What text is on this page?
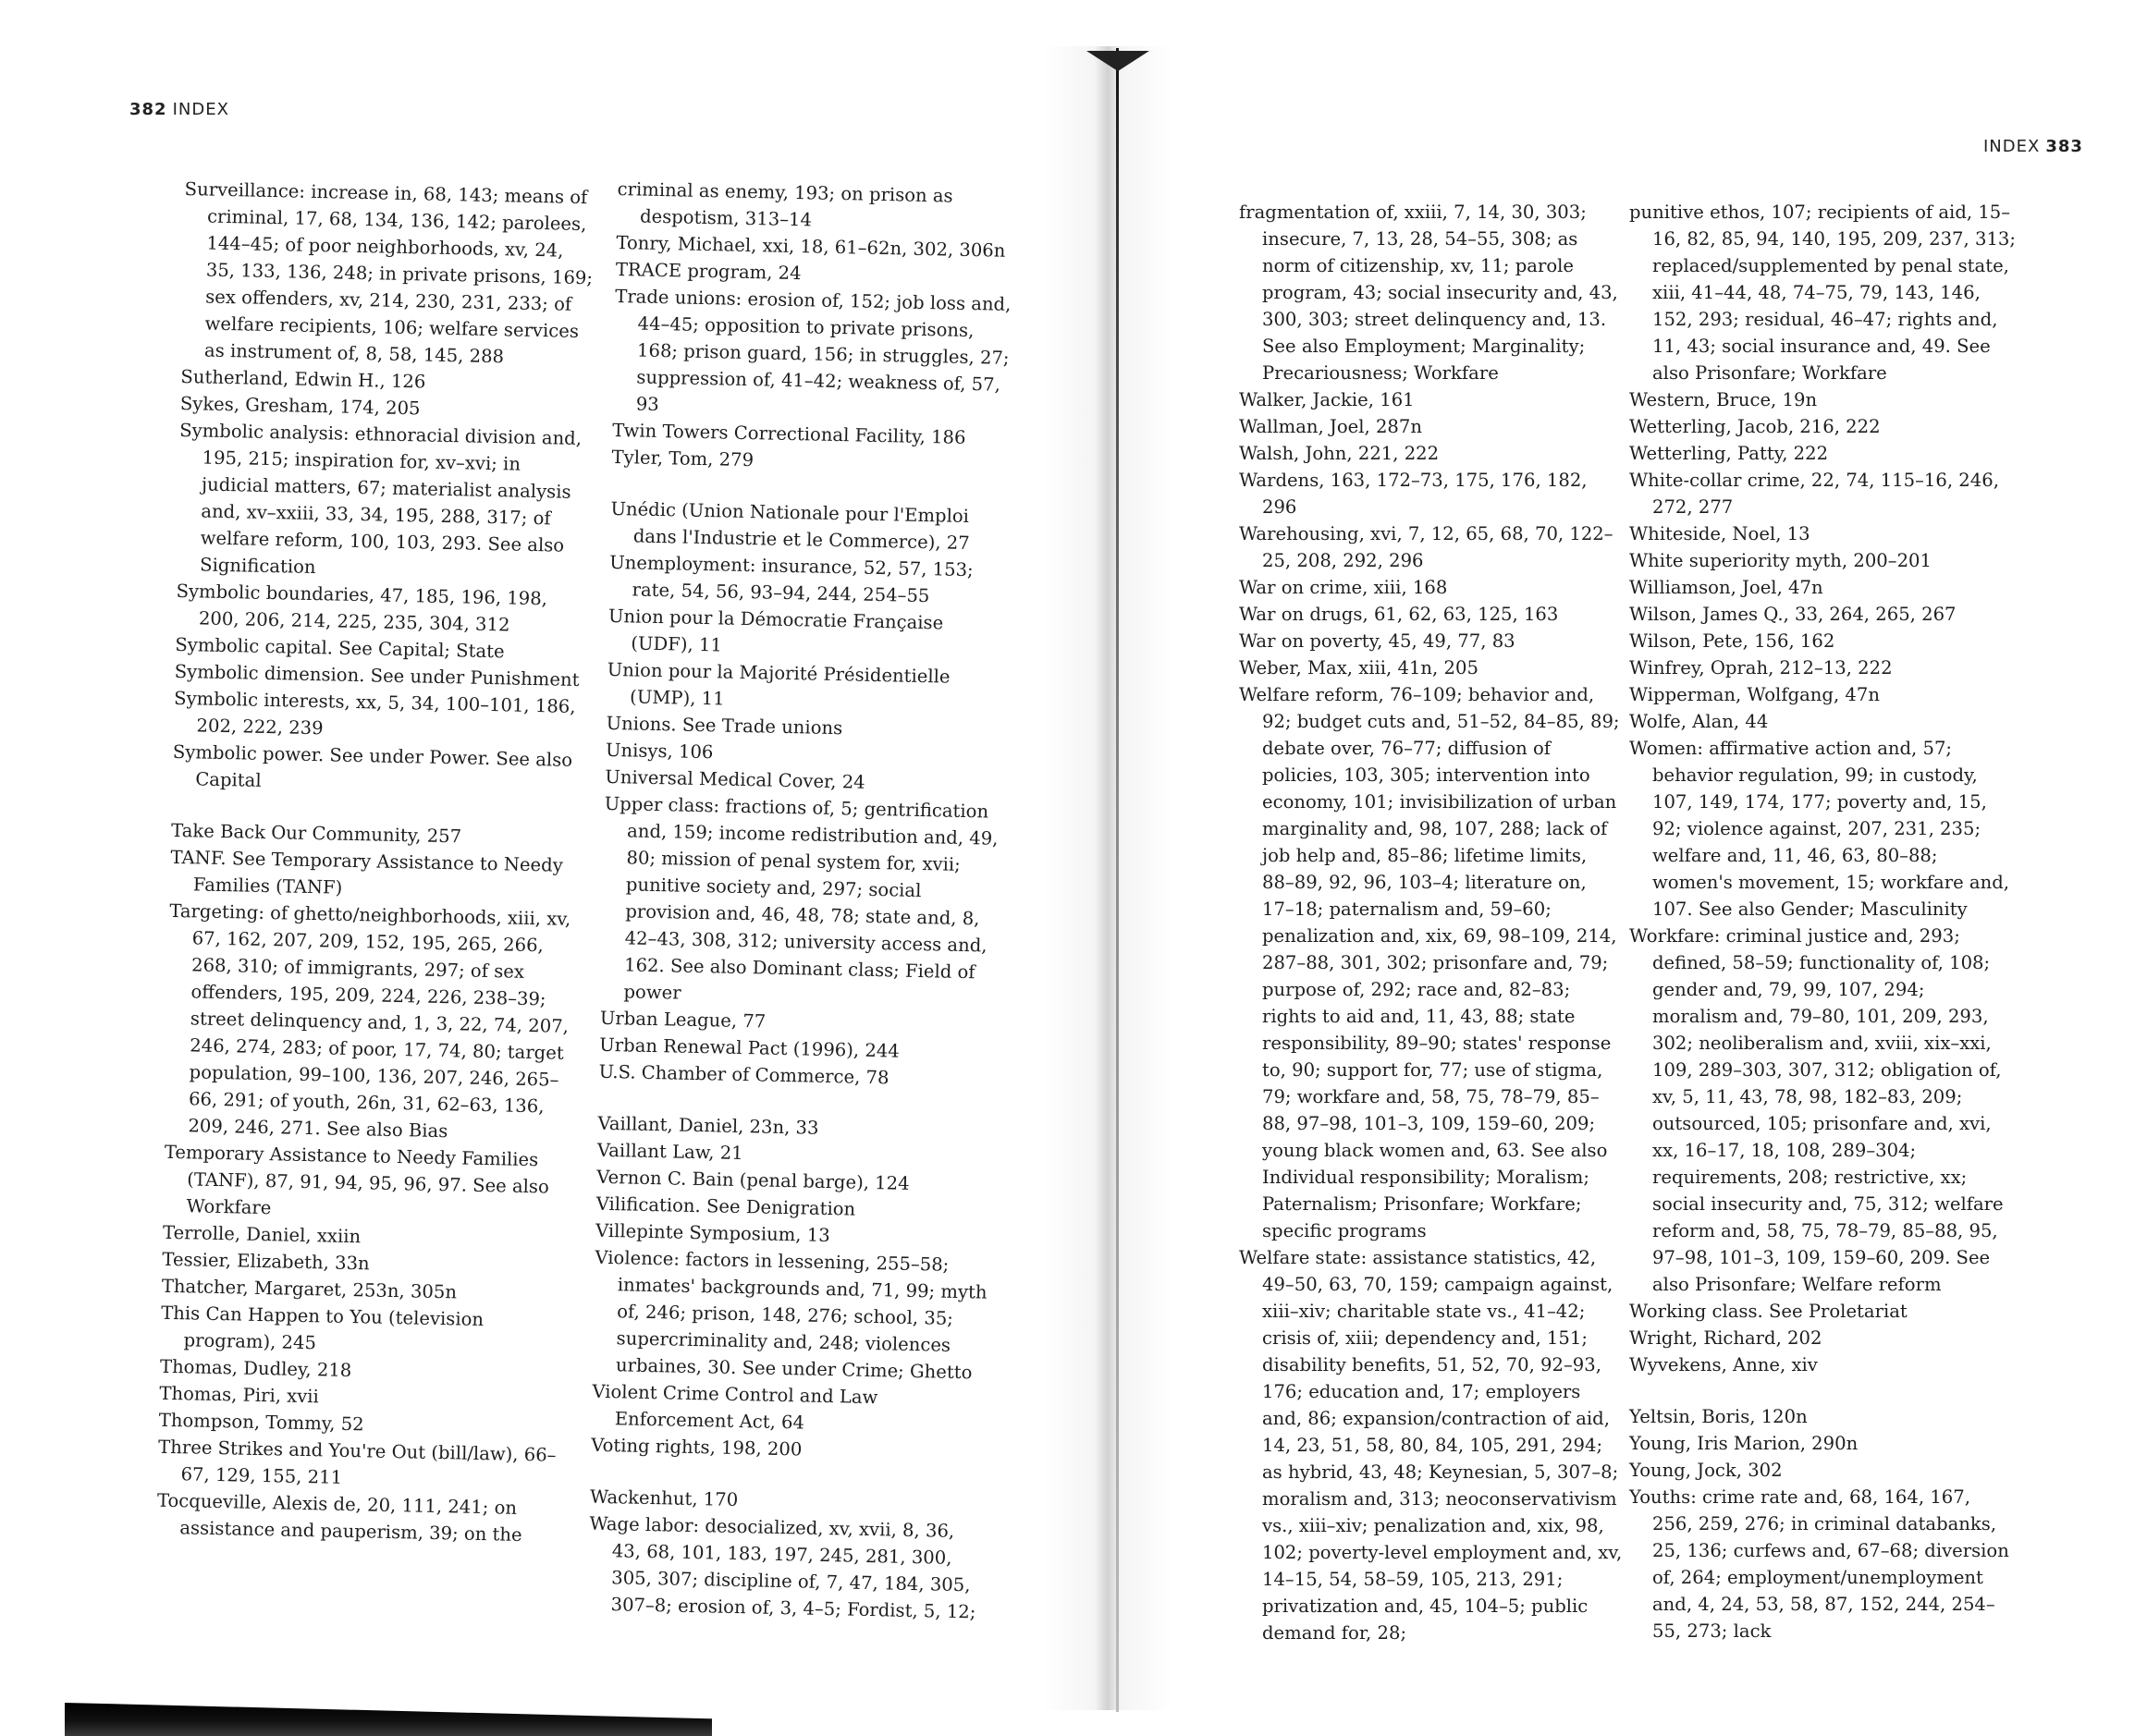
382 INDEX
INDEX 383

Surveillance: increase in, 68, 143; means of criminal, 17, 68, 134, 136, 142; parolees, 144–45; of poor neighborhoods, xv, 24, 35, 133, 136, 248; in private prisons, 169; sex offenders, xv, 214, 230, 231, 233; of welfare recipients, 106; welfare services as instrument of, 8, 58, 145, 288

Sutherland, Edwin H., 126

Sykes, Gresham, 174, 205

Symbolic analysis: ethnoracial division and, 195, 215; inspiration for, xv–xvi; in judicial matters, 67; materialist analysis and, xv–xxiii, 33, 34, 195, 288, 317; of welfare reform, 100, 103, 293. See also Signification

Symbolic boundaries, 47, 185, 196, 198, 200, 206, 214, 225, 235, 304, 312

Symbolic capital. See Capital; State

Symbolic dimension. See under Punishment

Symbolic interests, xx, 5, 34, 100–101, 186, 202, 222, 239

Symbolic power. See under Power. See also Capital

Take Back Our Community, 257

TANF. See Temporary Assistance to Needy Families (TANF)

Targeting: of ghetto/neighborhoods, xiii, xv, 67, 162, 207, 209, 152, 195, 265, 266, 268, 310; of immigrants, 297; of sex offenders, 195, 209, 224, 226, 238–39; street delinquency and, 1, 3, 22, 74, 207, 246, 274, 283; of poor, 17, 74, 80; target population, 99–100, 136, 207, 246, 265–66, 291; of youth, 26n, 31, 62–63, 136, 209, 246, 271. See also Bias

Temporary Assistance to Needy Families (TANF), 87, 91, 94, 95, 96, 97. See also Workfare

Terrolle, Daniel, xxiin

Tessier, Elizabeth, 33n

Thatcher, Margaret, 253n, 305n

This Can Happen to You (television program), 245

Thomas, Dudley, 218

Thomas, Piri, xvii

Thompson, Tommy, 52

Three Strikes and You're Out (bill/law), 66–67, 129, 155, 211

Tocqueville, Alexis de, 20, 111, 241; on assistance and pauperism, 39; on the

criminal as enemy, 193; on prison as despotism, 313–14

Tonry, Michael, xxi, 18, 61–62n, 302, 306n

TRACE program, 24

Trade unions: erosion of, 152; job loss and, 44–45; opposition to private prisons, 168; prison guard, 156; in struggles, 27; suppression of, 41–42; weakness of, 57, 93

Twin Towers Correctional Facility, 186

Tyler, Tom, 279

Unédic (Union Nationale pour l'Emploi dans l'Industrie et le Commerce), 27

Unemployment: insurance, 52, 57, 153; rate, 54, 56, 93–94, 244, 254–55

Union pour la Démocratie Française (UDF), 11

Union pour la Majorité Présidentielle (UMP), 11

Unions. See Trade unions

Unisys, 106

Universal Medical Cover, 24

Upper class: fractions of, 5; gentrification and, 159; income redistribution and, 49, 80; mission of penal system for, xvii; punitive society and, 297; social provision and, 46, 48, 78; state and, 8, 42–43, 308, 312; university access and, 162. See also Dominant class; Field of power

Urban League, 77

Urban Renewal Pact (1996), 244

U.S. Chamber of Commerce, 78

Vaillant, Daniel, 23n, 33

Vaillant Law, 21

Vernon C. Bain (penal barge), 124

Vilification. See Denigration

Villepinte Symposium, 13

Violence: factors in lessening, 255–58; inmates' backgrounds and, 71, 99; myth of, 246; prison, 148, 276; school, 35; supercriminality and, 248; violences urbaines, 30. See under Crime; Ghetto

Violent Crime Control and Law Enforcement Act, 64

Voting rights, 198, 200

Wackenhut, 170

Wage labor: desocialized, xv, xvii, 8, 36, 43, 68, 101, 183, 197, 245, 281, 300, 305, 307; discipline of, 7, 47, 184, 305, 307–8; erosion of, 3, 4–5; Fordist, 5, 12;

fragmentation of, xxiii, 7, 14, 30, 303; insecure, 7, 13, 28, 54–55, 308; as norm of citizenship, xv, 11; parole program, 43; social insecurity and, 43, 300, 303; street delinquency and, 13. See also Employment; Marginality; Precariousness; Workfare

Walker, Jackie, 161

Wallman, Joel, 287n

Walsh, John, 221, 222

Wardens, 163, 172–73, 175, 176, 182, 296

Warehousing, xvi, 7, 12, 65, 68, 70, 122–25, 208, 292, 296

War on crime, xiii, 168

War on drugs, 61, 62, 63, 125, 163

War on poverty, 45, 49, 77, 83

Weber, Max, xiii, 41n, 205

Welfare reform, 76–109; behavior and, 92; budget cuts and, 51–52, 84–85, 89; debate over, 76–77; diffusion of policies, 103, 305; intervention into economy, 101; invisibilization of urban marginality and, 98, 107, 288; lack of job help and, 85–86; lifetime limits, 88–89, 92, 96, 103–4; literature on, 17–18; paternalism and, 59–60; penalization and, xix, 69, 98–109, 214, 287–88, 301, 302; prisonfare and, 79; purpose of, 292; race and, 82–83; rights to aid and, 11, 43, 88; state responsibility, 89–90; states' response to, 90; support for, 77; use of stigma, 79; workfare and, 58, 75, 78–79, 85–88, 97–98, 101–3, 109, 159–60, 209; young black women and, 63. See also Individual responsibility; Moralism; Paternalism; Prisonfare; Workfare; specific programs

Welfare state: assistance statistics, 42, 49–50, 63, 70, 159; campaign against, xiii–xiv; charitable state vs., 41–42; crisis of, xiii; dependency and, 151; disability benefits, 51, 52, 70, 92–93, 176; education and, 17; employers and, 86; expansion/contraction of aid, 14, 23, 51, 58, 80, 84, 105, 291, 294; as hybrid, 43, 48; Keynesian, 5, 307–8; moralism and, 313; neoconservativism vs., xiii–xiv; penalization and, xix, 98, 102; poverty-level employment and, xv, 14–15, 54, 58–59, 105, 213, 291; privatization and, 45, 104–5; public demand for, 28;

punitive ethos, 107; recipients of aid, 15–16, 82, 85, 94, 140, 195, 209, 237, 313; replaced/supplemented by penal state, xiii, 41–44, 48, 74–75, 79, 143, 146, 152, 293; residual, 46–47; rights and, 11, 43; social insurance and, 49. See also Prisonfare; Workfare

Western, Bruce, 19n

Wetterling, Jacob, 216, 222

Wetterling, Patty, 222

White-collar crime, 22, 74, 115–16, 246, 272, 277

Whiteside, Noel, 13

White superiority myth, 200–201

Williamson, Joel, 47n

Wilson, James Q., 33, 264, 265, 267

Wilson, Pete, 156, 162

Winfrey, Oprah, 212–13, 222

Wipperman, Wolfgang, 47n

Wolfe, Alan, 44

Women: affirmative action and, 57; behavior regulation, 99; in custody, 107, 149, 174, 177; poverty and, 15, 92; violence against, 207, 231, 235; welfare and, 11, 46, 63, 80–88; women's movement, 15; workfare and, 107. See also Gender; Masculinity

Workfare: criminal justice and, 293; defined, 58–59; functionality of, 108; gender and, 79, 99, 107, 294; moralism and, 79–80, 101, 209, 293, 302; neoliberalism and, xviii, xix–xxi, 109, 289–303, 307, 312; obligation of, xv, 5, 11, 43, 78, 98, 182–83, 209; outsourced, 105; prisonfare and, xvi, xx, 16–17, 18, 108, 289–304; requirements, 208; restrictive, xx; social insecurity and, 75, 312; welfare reform and, 58, 75, 78–79, 85–88, 95, 97–98, 101–3, 109, 159–60, 209. See also Prisonfare; Welfare reform

Working class. See Proletariat

Wright, Richard, 202

Wyvekens, Anne, xiv

Yeltsin, Boris, 120n

Young, Iris Marion, 290n

Young, Jock, 302

Youths: crime rate and, 68, 164, 167, 256, 259, 276; in criminal databanks, 25, 136; curfews and, 67–68; diversion of, 264; employment/unemployment and, 4, 24, 53, 58, 87, 152, 244, 254–55, 273; lack
